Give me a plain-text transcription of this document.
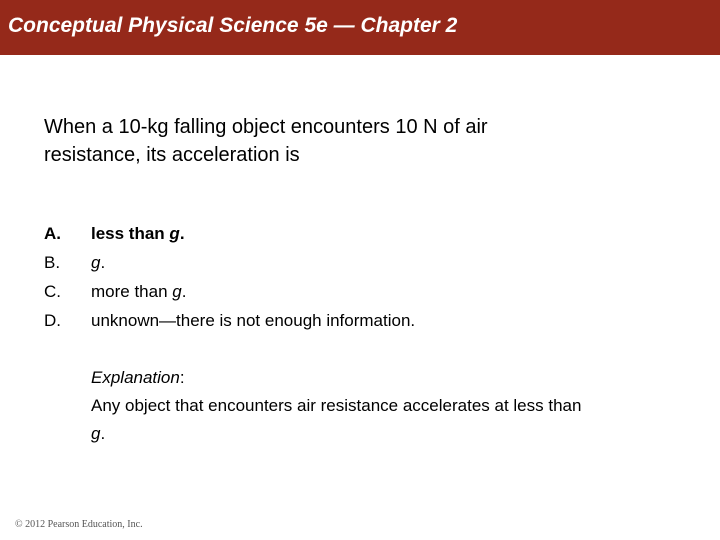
Conceptual Physical Science 5e — Chapter 2
When a 10-kg falling object encounters 10 N of air
resistance, its acceleration is
A.	less than g.
B.	g.
C.	more than g.
D.	unknown—there is not enough information.
Explanation:
Any object that encounters air resistance accelerates at less than
g.
© 2012 Pearson Education, Inc.
